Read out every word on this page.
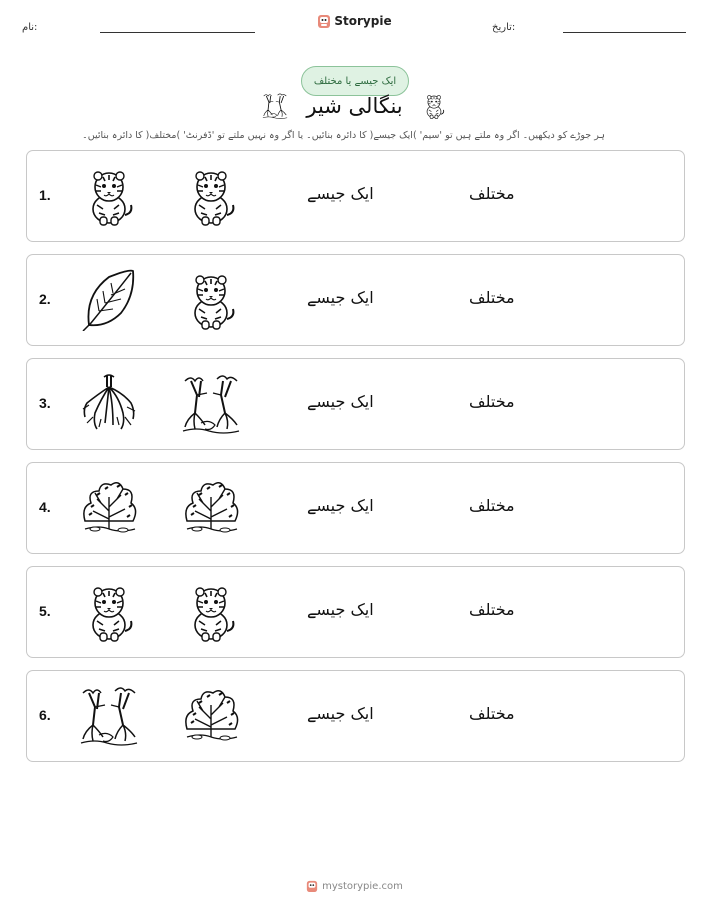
نام:	Storypie	تاریخ:
ایک جیسے یا مختلف
بنگالی شیر
ہر جوڑے کو دیکھیں۔ اگر وہ ملتے ہیں تو 'سیم' )ایک جیسے( کا دائرہ بنائیں۔ یا اگر وہ نہیں ملتے تو 'ڈفرنٹ' )مختلف( کا دائرہ بنائیں۔
1.	ایک جیسے	مختلف
2.	ایک جیسے	مختلف
3.	ایک جیسے	مختلف
4.	ایک جیسے	مختلف
5.	ایک جیسے	مختلف
6.	ایک جیسے	مختلف
mystorypie.com
